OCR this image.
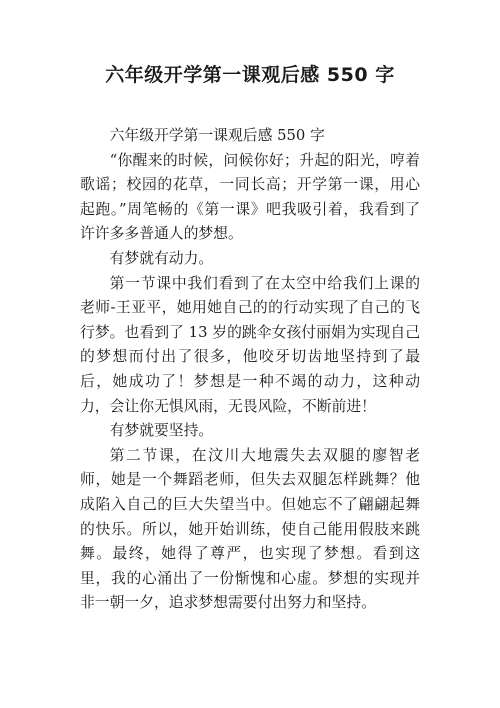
六年级开学第一课观后感 550 字

六年级开学第一课观后感 550 字

“你醒来的时候，问候你好；升起的阳光，哼着歌谣；校园的花草，一同长高；开学第一课，用心起跑。”周笔畅的《第一课》吧我吸引着，我看到了许许多多普通人的梦想。

有梦就有动力。

第一节课中我们看到了在太空中给我们上课的老师-王亚平，她用她自己的的行动实现了自己的飞行梦。也看到了 13 岁的跳伞女孩付丽娟为实现自己的梦想而付出了很多，他咬牙切齿地坚持到了最后，她成功了！梦想是一种不竭的动力，这种动力，会让你无惧风雨，无畏风险，不断前进！

有梦就要坚持。

第二节课，在汶川大地震失去双腿的廖智老师，她是一个舞蹈老师，但失去双腿怎样跳舞？他成陷入自己的巨大失望当中。但她忘不了翩翩起舞的快乐。所以，她开始训练，使自己能用假肢来跳舞。最终，她得了尊严，也实现了梦想。看到这里，我的心涌出了一份惭愧和心虚。梦想的实现并非一朝一夕，追求梦想需要付出努力和坚持。
